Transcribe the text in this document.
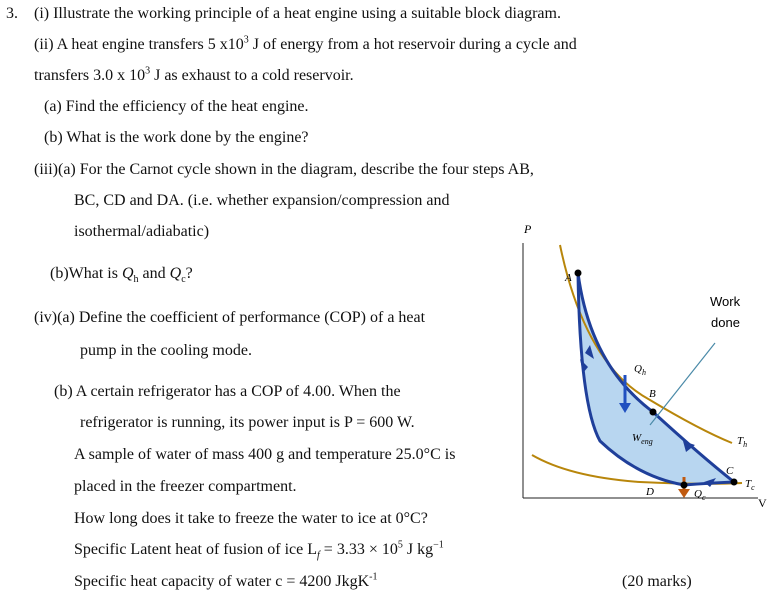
3. (i) Illustrate the working principle of a heat engine using a suitable block diagram.
(ii) A heat engine transfers 5 $x10^3$ J of energy from a hot reservoir during a cycle and
transfers 3.0 x $10^3$ J as exhaust to a cold reservoir.
(a) Find the efficiency of the heat engine.
(b) What is the work done by the engine?
(iii)(a) For the Carnot cycle shown in the diagram, describe the four steps AB,
BC, CD and DA. (i.e. whether expansion/compression and
isothermal/adiabatic)
(b)What is $Q_h$ and $Q_c$?
(iv)(a) Define the coefficient of performance (COP) of a heat
pump in the cooling mode.
(b) A certain refrigerator has a COP of 4.00. When the
refrigerator is running, its power input is P = 600 W.
A sample of water of mass 400 g and temperature 25.0°C is
placed in the freezer compartment.
How long does it take to freeze the water to ice at 0°C?
Specific Latent heat of fusion of ice $L_f = 3.33 \times 10^5$ J $kg^{-1}$
Specific heat capacity of water c = 4200 JkgK$^{-1}$	(20 marks)
P
V
Work
done
A
B
C
D
$Q_h$
$Q_c$
$W_{eng}$	$T_h$
$T_c$
